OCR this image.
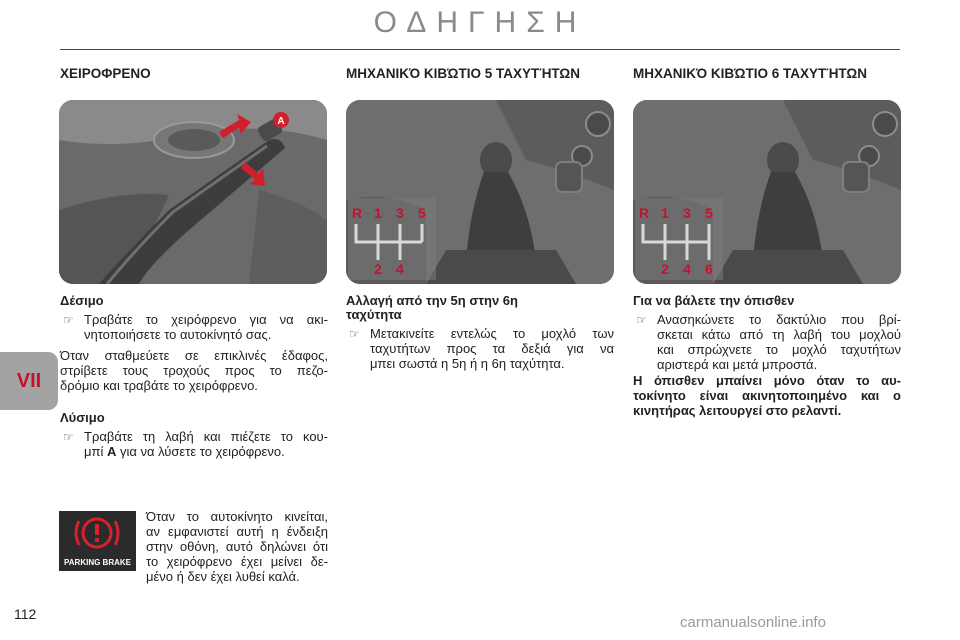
ΟΔΗΓΗΣΗ
VII
ΧΕΙΡΟΦΡΕΝΟ	ΜΗΧΑΝΙΚΌ ΚΙΒΏΤΙΟ 5 ΤΑΧΥΤΉΤΩΝ	ΜΗΧΑΝΙΚΌ ΚΙΒΏΤΙΟ 6 ΤΑΧΥΤΉΤΩΝ
A
R 1 3 5
2 4
R 1 3 5
2 4 6
Δέσιμο
☞ Τραβάτε το χειρόφρενο για να ακι-
νητοποιήσετε το αυτοκίνητό σας.
Όταν σταθμεύετε σε επικλινές έδαφος,
στρίβετε τους τροχούς προς το πεζο-
δρόμιο και τραβάτε το χειρόφρενο.
Λύσιμο
☞ Τραβάτε τη λαβή και πιέζετε το κου-
μπί A για να λύσετε το χειρόφρενο.
PARKING BRAKE
Όταν το αυτοκίνητο κινείται,
αν εμφανιστεί αυτή η ένδειξη
στην οθόνη, αυτό δηλώνει ότι
το χειρόφρενο έχει μείνει δε-
μένο ή δεν έχει λυθεί καλά.
Αλλαγή από την 5η στην 6η
ταχύτητα
☞ Μετακινείτε εντελώς το μοχλό των
ταχυτήτων προς τα δεξιά για να
μπει σωστά η 5η ή η 6η ταχύτητα.
Για να βάλετε την όπισθεν
☞ Ανασηκώνετε το δακτύλιο που βρί-
σκεται κάτω από τη λαβή του μοχλού
και σπρώχνετε το μοχλό ταχυτήτων
αριστερά και μετά μπροστά.
Η όπισθεν μπαίνει μόνο όταν το αυ-
τοκίνητο είναι ακινητοποιημένο και ο
κινητήρας λειτουργεί στο ρελαντί.
112	carmanualsonline.info
